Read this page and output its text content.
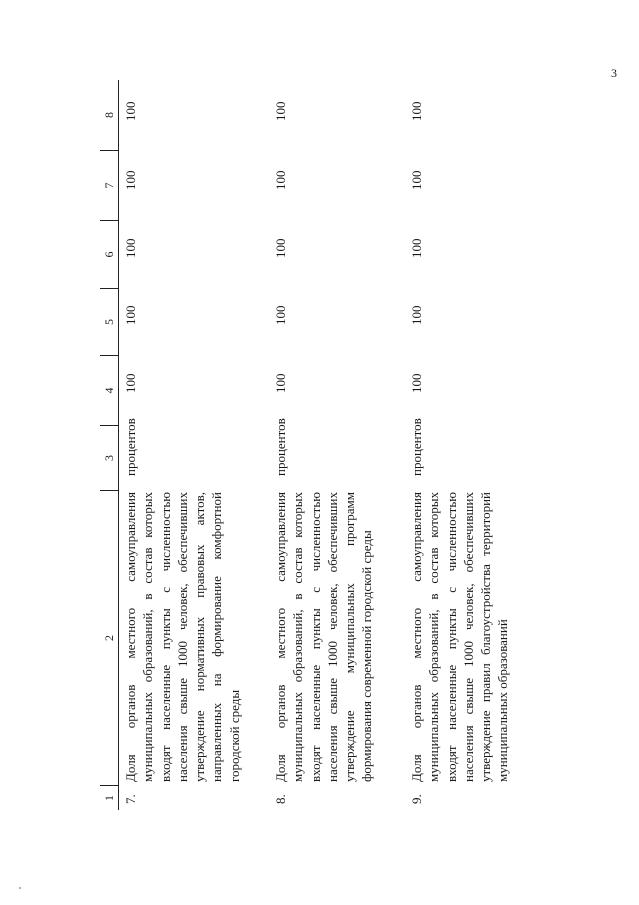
3
1
2
3
4
5
6
7
8
7.
Доля органов местного самоуправления муниципальных образований, в состав которых входят населенные пункты с численностью населения свыше 1000 человек, обеспечивших утверждение нормативных правовых актов, направленных на формирование комфортной городской среды
процентов
100
100
100
100
100
8.
Доля органов местного самоуправления муниципальных образований, в состав которых входят населенные пункты с численностью населения свыше 1000 человек, обеспечивших утверждение муниципальных программ формирования современной городской среды
процентов
100
100
100
100
100
9.
Доля органов местного самоуправления муниципальных образований, в состав которых входят населенные пункты с численностью населения свыше 1000 человек, обеспечивших утверждение правил благоустройства территорий муниципальных образований
процентов
100
100
100
100
100
